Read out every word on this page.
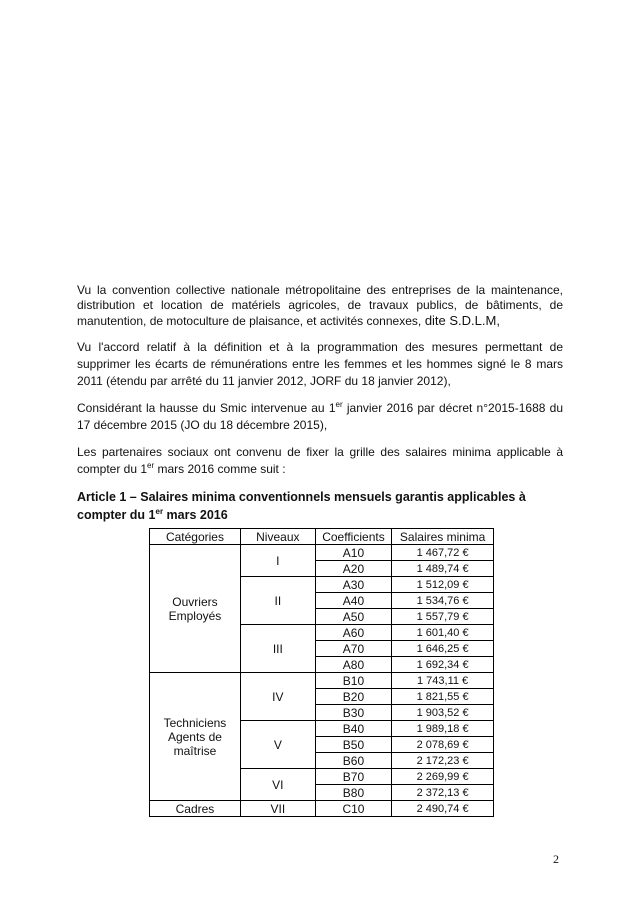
Vu la convention collective nationale métropolitaine des entreprises de la maintenance, distribution et location de matériels agricoles, de travaux publics, de bâtiments, de manutention, de motoculture de plaisance, et activités connexes, dite S.D.L.M,

Vu l'accord relatif à la définition et à la programmation des mesures permettant de supprimer les écarts de rémunérations entre les femmes et les hommes signé le 8 mars 2011 (étendu par arrêté du 11 janvier 2012, JORF du 18 janvier 2012),

Considérant la hausse du Smic intervenue au 1er janvier 2016 par décret n°2015-1688 du 17 décembre 2015 (JO du 18 décembre 2015),

Les partenaires sociaux ont convenu de fixer la grille des salaires minima applicable à compter du 1er mars 2016 comme suit :

Article 1 – Salaires minima conventionnels mensuels garantis applicables à compter du 1er mars 2016

Catégories	Niveaux	Coefficients	Salaires minima
Ouvriers
Employés	I	A10	1 467,72 €
		A20	1 489,74 €
	II	A30	1 512,09 €
		A40	1 534,76 €
		A50	1 557,79 €
	III	A60	1 601,40 €
		A70	1 646,25 €
		A80	1 692,34 €
Techniciens
Agents de
maîtrise	IV	B10	1 743,11 €
		B20	1 821,55 €
		B30	1 903,52 €
	V	B40	1 989,18 €
		B50	2 078,69 €
		B60	2 172,23 €
	VI	B70	2 269,99 €
		B80	2 372,13 €
Cadres	VII	C10	2 490,74 €
2
